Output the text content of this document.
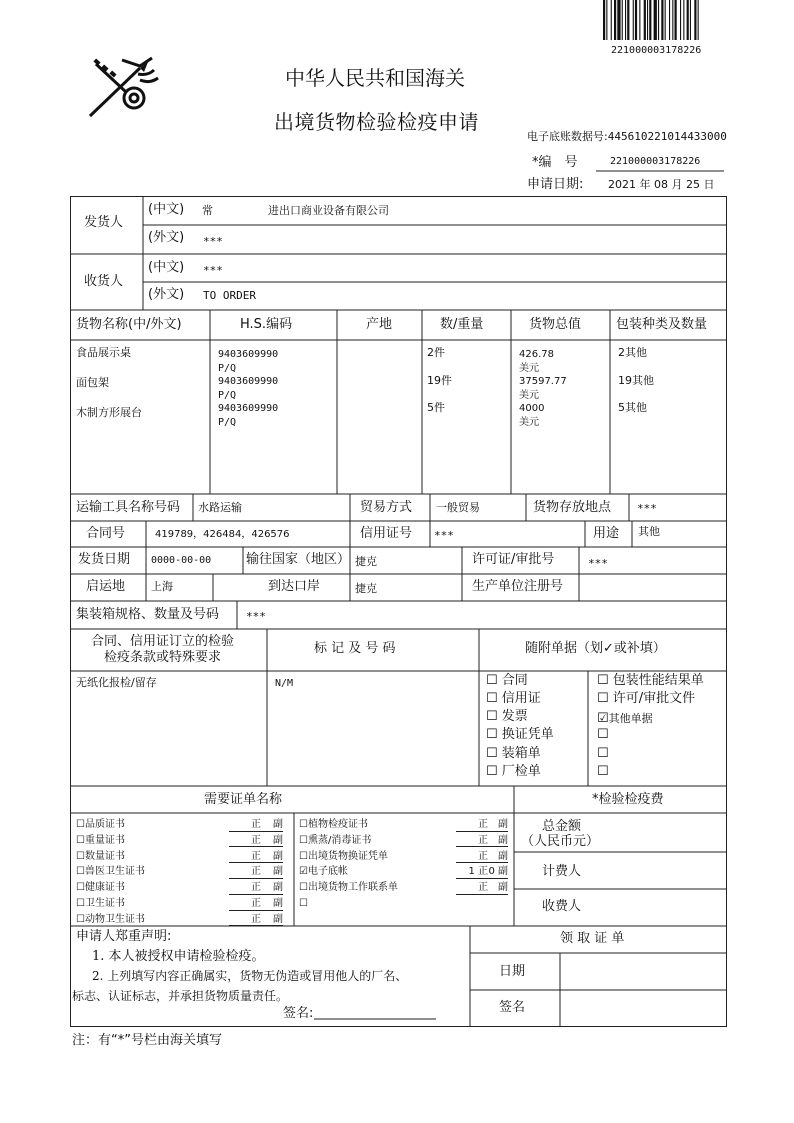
221000003178226
中华人民共和国海关
出境货物检验检疫申请
电子底账数据号:445610221014433000
*编　号	221000003178226
申请日期: 2021 年 08 月 25 日
发货人
收货人
(中文)
(外文)
(中文)
(外文)
常　　　　　进出口商业设备有限公司
***
***
TO ORDER
货物名称(中/外文)	H.S.编码	产地	数/重量	货物总值	包装种类及数量
食品展示桌
面包架
木制方形展台
9403609990
P/Q
9403609990
P/Q
9403609990
P/Q
2件
19件
5件
426.78
美元
37597.77
美元
4000
美元
2其他
19其他
5其他
运输工具名称号码 水路运输	贸易方式 一般贸易	货物存放地点 ***
合同号	419789，426484，426576	信用证号 ***	用途 其他
发货日期 0000-00-00	输往国家（地区） 捷克	许可证/审批号	***
启运地 上海	到达口岸	捷克	生产单位注册号
集装箱规格、数量及号码 ***
合同、信用证订立的检验
检疫条款或特殊要求
标 记 及 号 码	随附单据（划✓或补填）
无纸化报检/留存	N/M
☐	合同
☐ 信用证
☐ 发票
☐ 换证凭单
☐ 装箱单
☐ 厂检单
☐ 包装性能结果单
☐ 许可/审批文件
☑ 其他单据
☐
☐
☐
需要证单名称	*检验检疫费
☐ 品质证书	正	副
☐ 重量证书	正	副
☐ 数量证书	正	副
☐ 兽医卫生证书	正	副
☐ 健康证书	正	副
☐ 卫生证书	正	副
☐ 动物卫生证书	正	副
☐ 植物检疫证书	正	副
☐ 熏蒸/消毒证书	正	副
☐ 出境货物换证凭单	正	副
☑ 电子底帐	1 正 0 副
☐ 出境货物工作联系单	正	副
☐
总金额
（人民币元）
计费人
收费人
申请人郑重声明:
1. 本人被授权申请检验检疫。
2. 上列填写内容正确属实，货物无伪造或冒用他人的厂名、
标志、认证标志，并承担货物质量责任。
签名:
领 取 证 单
日期
签名
注：有“*”号栏由海关填写
